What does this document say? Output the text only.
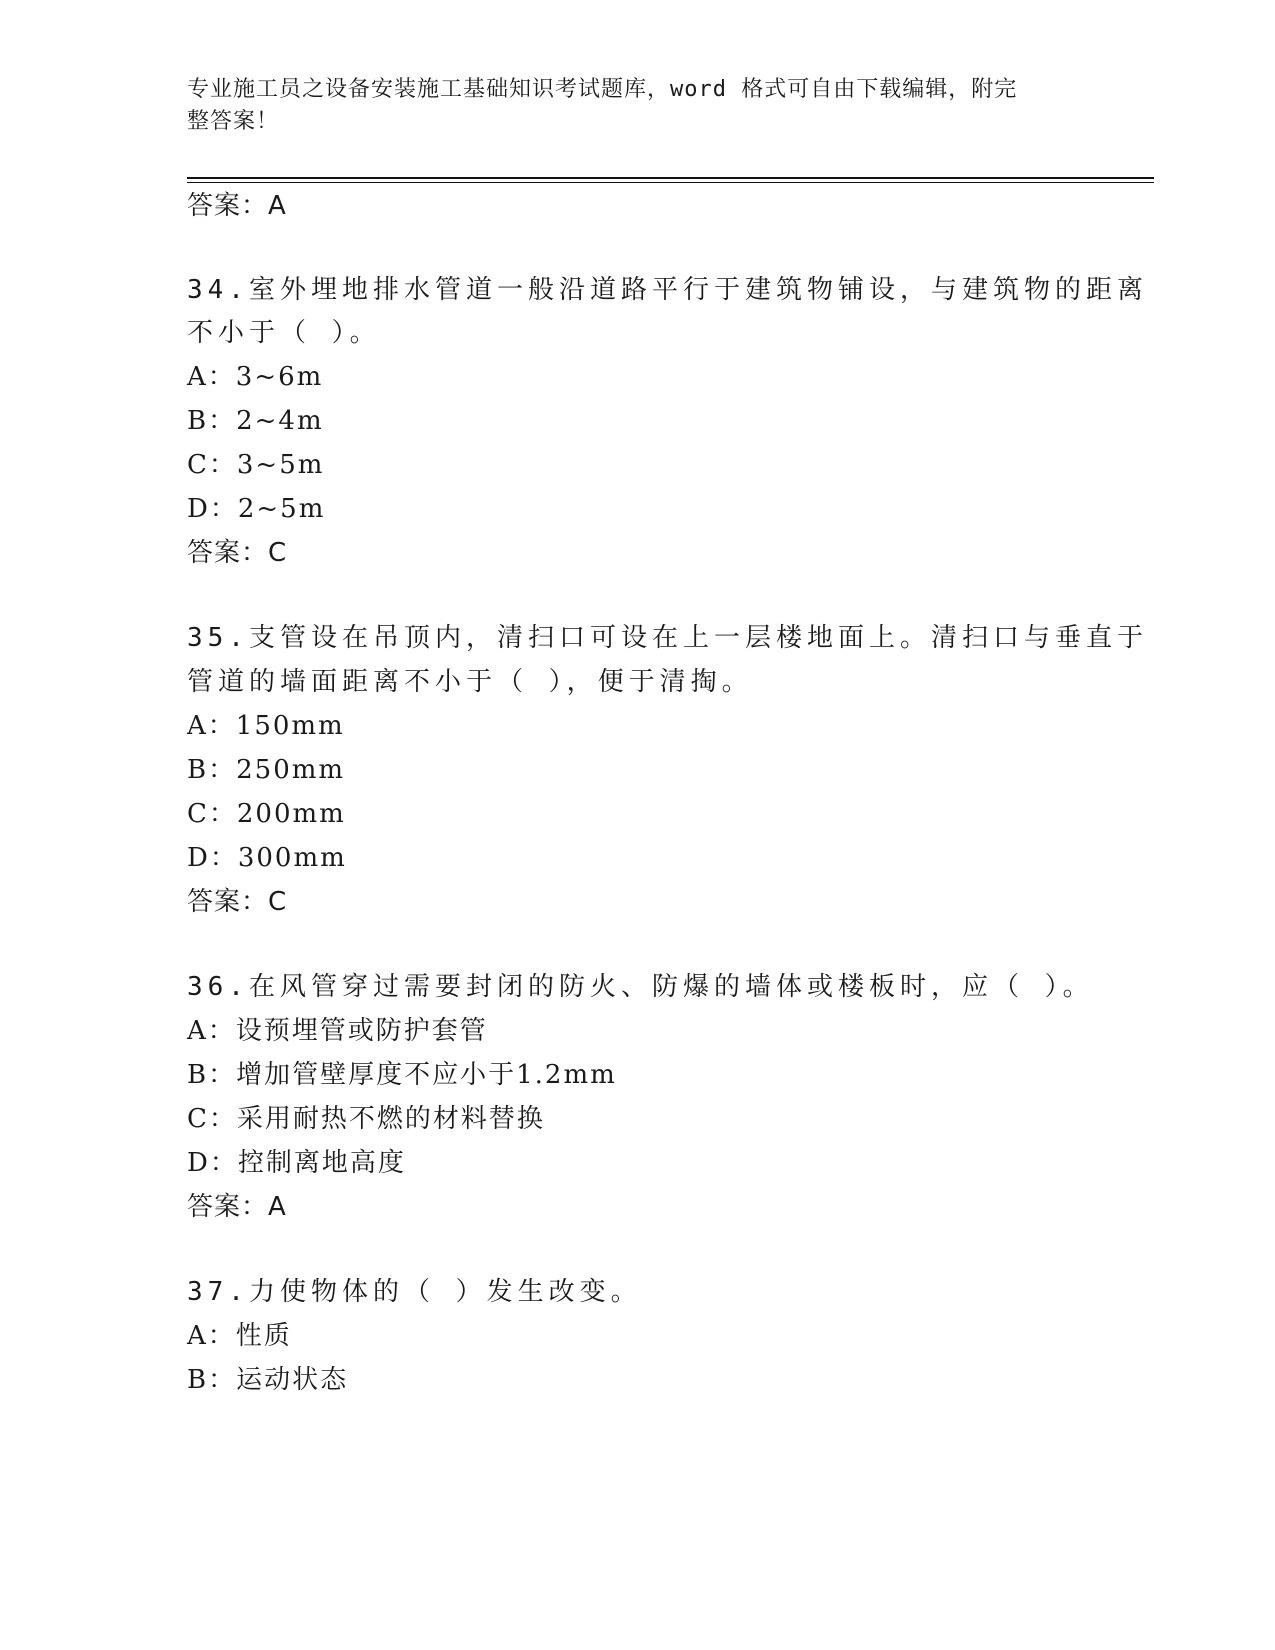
专业施工员之设备安装施工基础知识考试题库，word 格式可自由下载编辑，附完
整答案！
答案：A
34.室外埋地排水管道一般沿道路平行于建筑物铺设，与建筑物的距离
不小于（ ）。
A：3~6m
B：2~4m
C：3~5m
D：2~5m
答案：C
35.支管设在吊顶内，清扫口可设在上一层楼地面上。清扫口与垂直于
管道的墙面距离不小于（ ），便于清掏。
A：150mm
B：250mm
C：200mm
D：300mm
答案：C
36.在风管穿过需要封闭的防火、防爆的墙体或楼板时，应（ ）。
A：设预埋管或防护套管
B：增加管壁厚度不应小于1.2mm
C：采用耐热不燃的材料替换
D：控制离地高度
答案：A
37.力使物体的（ ）发生改变。
A：性质
B：运动状态
